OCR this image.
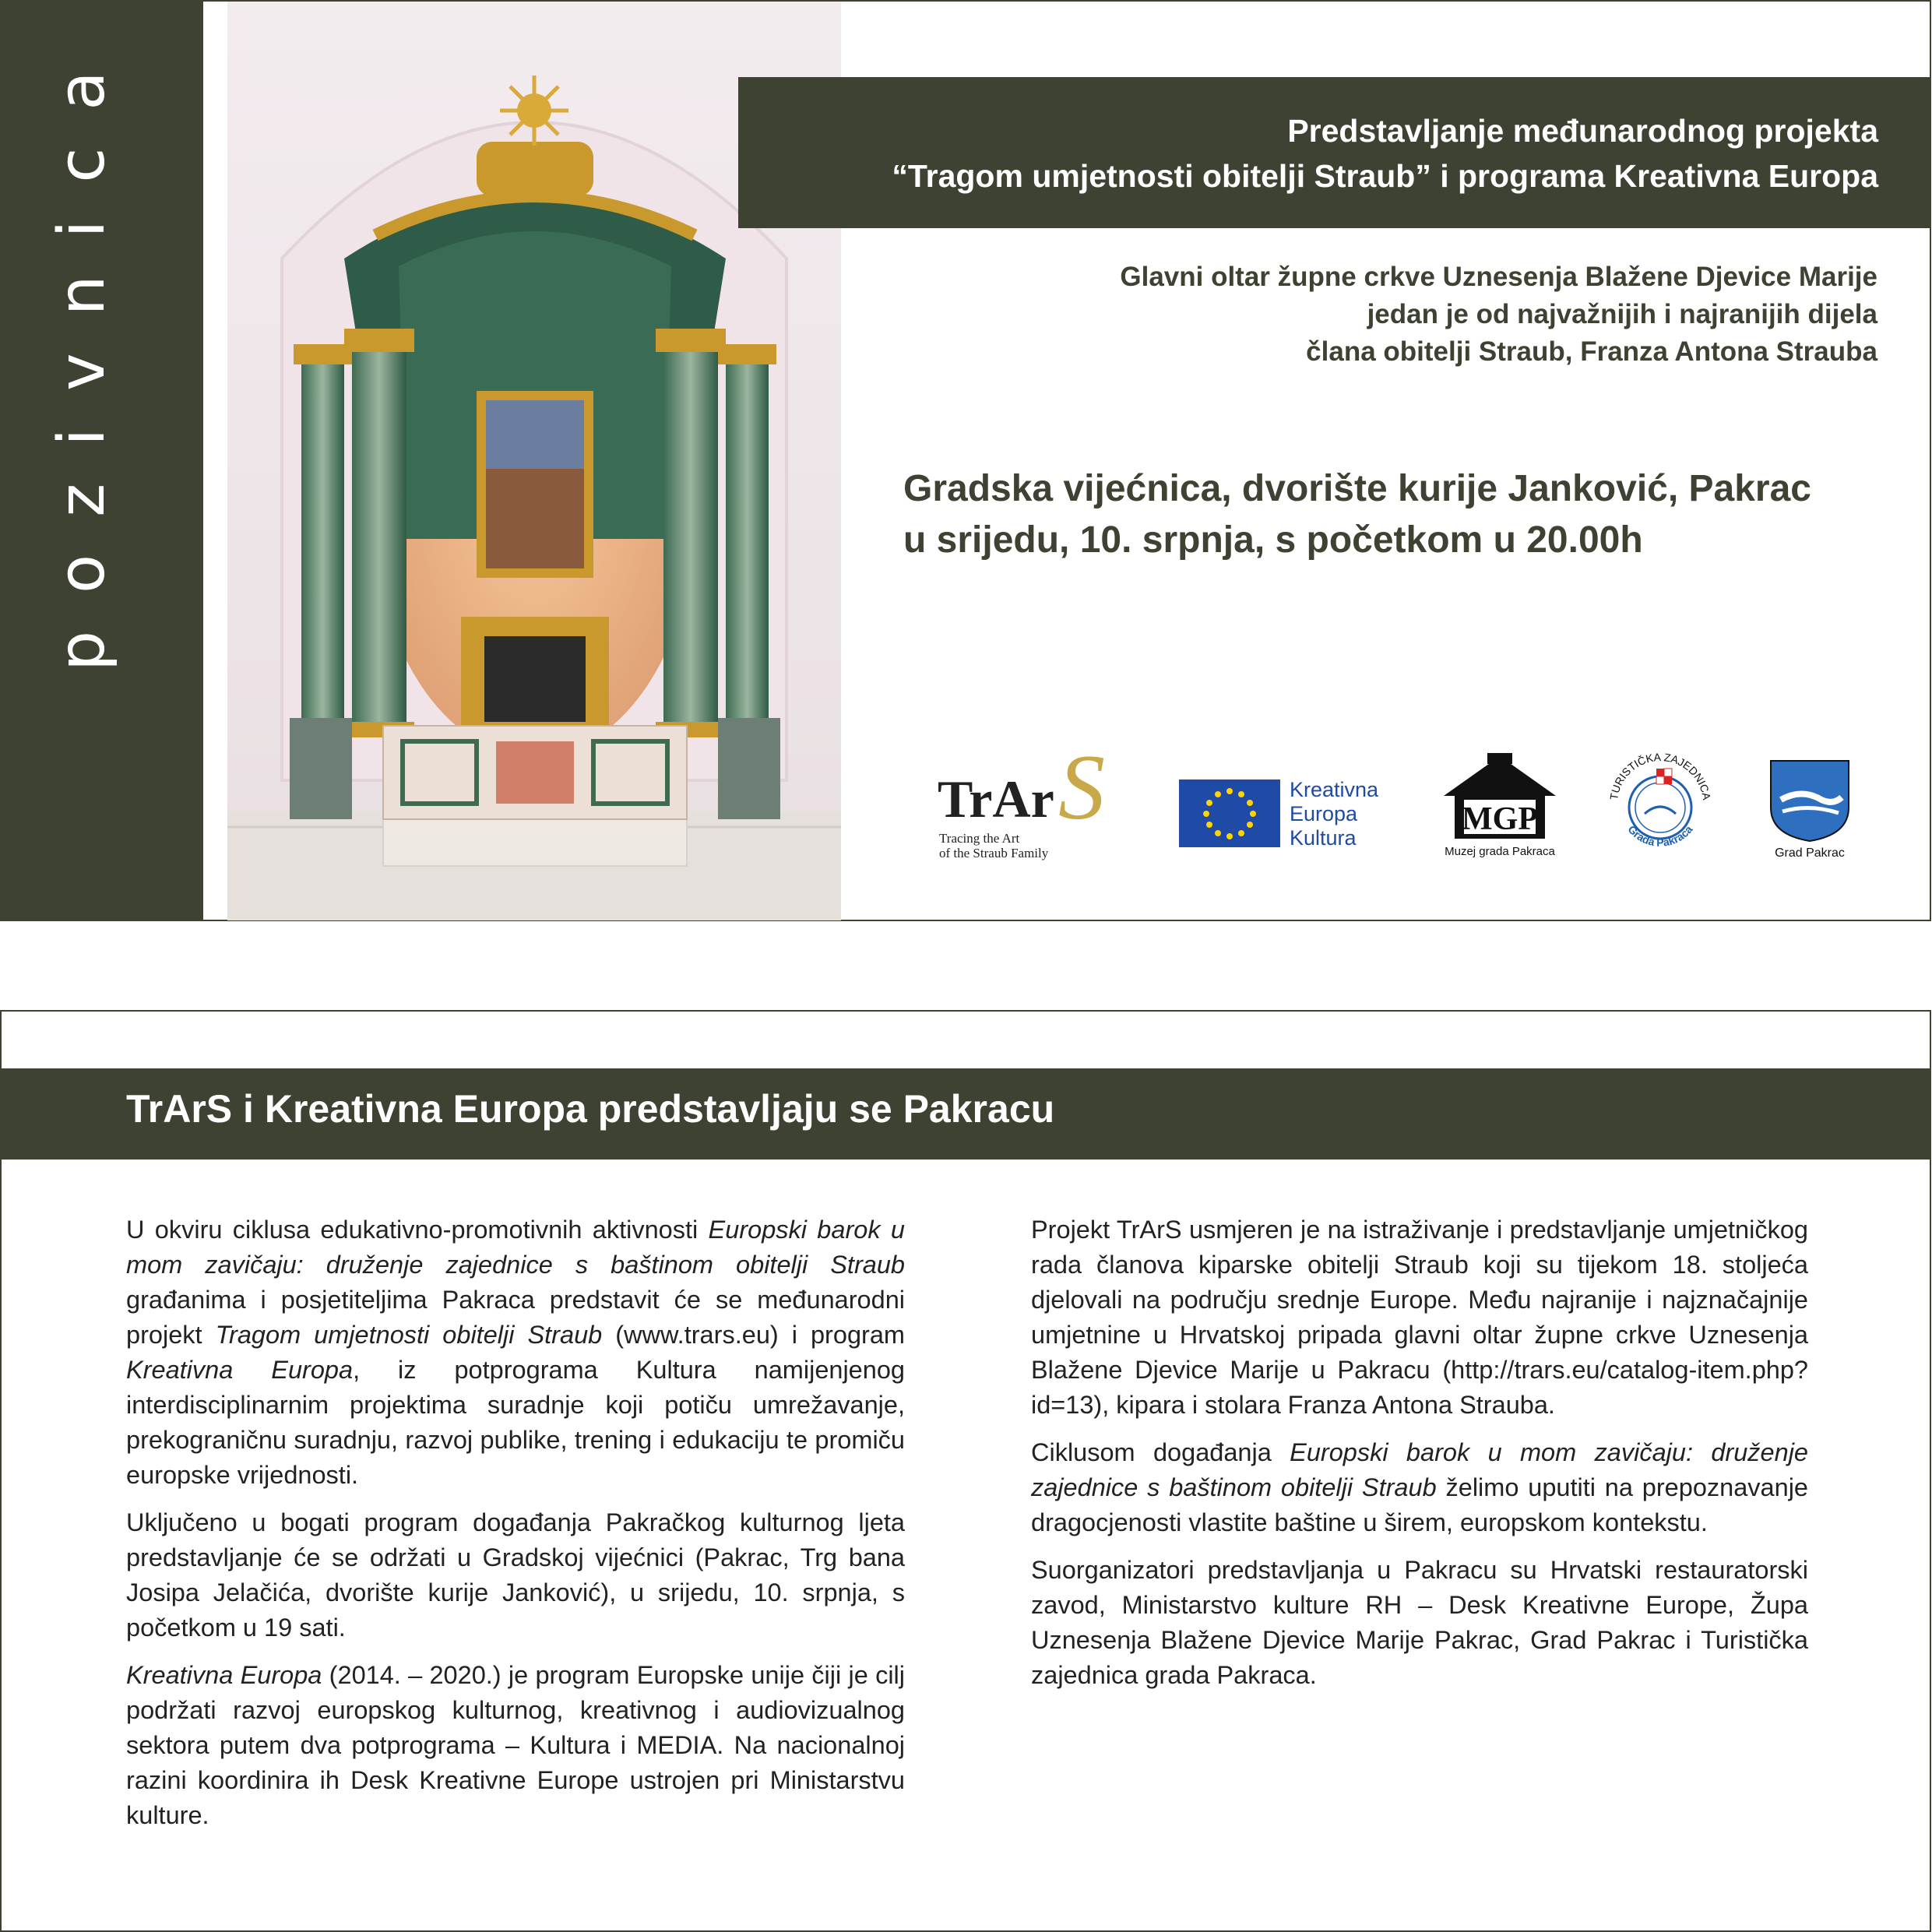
pozivnica	Predstavljanje međunarodnog projekta
“Tragom umjetnosti obitelji Straub” i programa Kreativna Europa
Glavni oltar župne crkve Uznesenja Blažene Djevice Marije
jedan je od najvažnijih i najranijih dijela
člana obitelji Straub, Franza Antona Strauba
Gradska vijećnica, dvorište kurije Janković, Pakrac
u srijedu, 10. srpnja, s početkom u 20.00h
S
TrAr
Tracing the Art
of the Straub Family
Kreativna
Europa
Kultura
MGP
Muzej grada Pakraca
TURISTIČKA ZAJEDNICA
Grada Pakraca
Grad Pakrac
TrArS i Kreativna Europa predstavljaju se Pakracu

U okviru ciklusa edukativno-promotivnih aktivnosti Europski barok u mom zavičaju: druženje zajednice s baštinom obitelji Straub građanima i posjetiteljima Pakraca predstavit će se međunarodni projekt Tragom umjetnosti obitelji Straub (www.trars.eu) i program Kreativna Europa, iz potprograma Kultura namijenjenog interdisciplinarnim projektima suradnje koji potiču umrežavanje, prekograničnu suradnju, razvoj publike, trening i edukaciju te promiču europske vrijednosti.

Uključeno u bogati program događanja Pakračkog kulturnog ljeta predstavljanje će se održati u Gradskoj vijećnici (Pakrac, Trg bana Josipa Jelačića, dvorište kurije Janković), u srijedu, 10. srpnja, s početkom u 19 sati.

Kreativna Europa (2014. – 2020.) je program Europske unije čiji je cilj podržati razvoj europskog kulturnog, kreativnog i audiovizualnog sektora putem dva potprograma – Kultura i MEDIA. Na nacionalnoj razini koordinira ih Desk Kreativne Europe ustrojen pri Ministarstvu kulture.

Projekt TrArS usmjeren je na istraživanje i predstavljanje umjetničkog rada članova kiparske obitelji Straub koji su tijekom 18. stoljeća djelovali na području srednje Europe. Među najranije i najznačajnije umjetnine u Hrvatskoj pripada glavni oltar župne crkve Uznesenja Blažene Djevice Marije u Pakracu (http://trars.eu/catalog-item.php?id=13), kipara i stolara Franza Antona Strauba.

Ciklusom događanja Europski barok u mom zavičaju: druženje zajednice s baštinom obitelji Straub želimo uputiti na prepoznavanje dragocjenosti vlastite baštine u širem, europskom kontekstu.

Suorganizatori predstavljanja u Pakracu su Hrvatski restauratorski zavod, Ministarstvo kulture RH – Desk Kreativne Europe, Župa Uznesenja Blažene Djevice Marije Pakrac, Grad Pakrac i Turistička zajednica grada Pakraca.
